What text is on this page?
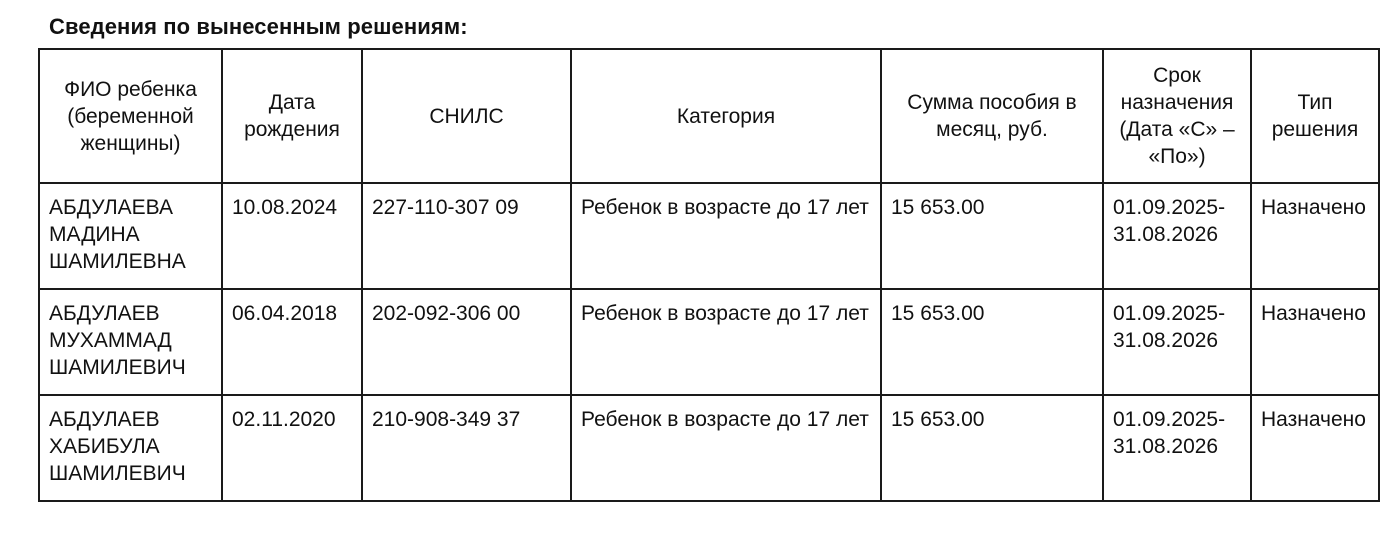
Сведения по вынесенным решениям:
ФИО ребенка (беременной женщины)	Дата рождения	СНИЛС	Категория	Сумма пособия в месяц, руб.	Срок назначения (Дата «С» – «По»)	Тип решения
АБДУЛАЕВА МАДИНА ШАМИЛЕВНА	10.08.2024	227-110-307 09	Ребенок в возрасте до 17 лет	15 653.00	01.09.2025-31.08.2026	Назначено
АБДУЛАЕВ МУХАММАД ШАМИЛЕВИЧ	06.04.2018	202-092-306 00	Ребенок в возрасте до 17 лет	15 653.00	01.09.2025-31.08.2026	Назначено
АБДУЛАЕВ ХАБИБУЛА ШАМИЛЕВИЧ	02.11.2020	210-908-349 37	Ребенок в возрасте до 17 лет	15 653.00	01.09.2025-31.08.2026	Назначено
